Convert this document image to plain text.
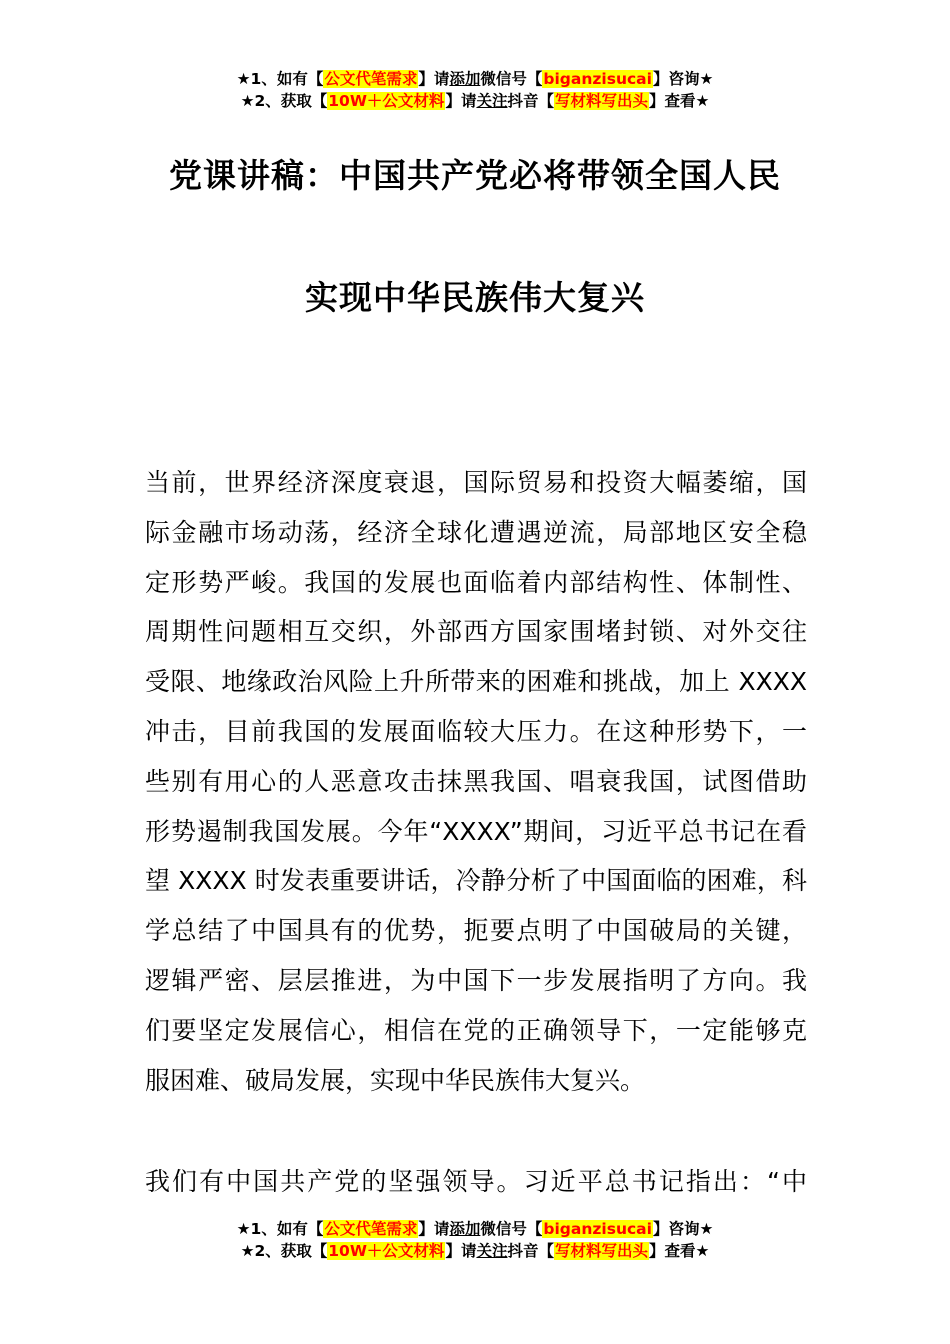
★1、如有【公文代笔需求】请添加微信号【biganzisucai】咨询★
★2、获取【10W＋公文材料】请关注抖音【写材料写出头】查看★
党课讲稿：中国共产党必将带领全国人民
实现中华民族伟大复兴
当前，世界经济深度衰退，国际贸易和投资大幅萎缩，国
际金融市场动荡，经济全球化遭遇逆流，局部地区安全稳
定形势严峻。我国的发展也面临着内部结构性、体制性、
周期性问题相互交织，外部西方国家围堵封锁、对外交往
受限、地缘政治风险上升所带来的困难和挑战，加上 XXXX
冲击，目前我国的发展面临较大压力。在这种形势下，一
些别有用心的人恶意攻击抹黑我国、唱衰我国，试图借助
形势遏制我国发展。今年“XXXX”期间，习近平总书记在看
望 XXXX 时发表重要讲话，冷静分析了中国面临的困难，科
学总结了中国具有的优势，扼要点明了中国破局的关键，
逻辑严密、层层推进，为中国下一步发展指明了方向。我
们要坚定发展信心，相信在党的正确领导下，一定能够克
服困难、破局发展，实现中华民族伟大复兴。
我们有中国共产党的坚强领导。习近平总书记指出：“中
★1、如有【公文代笔需求】请添加微信号【biganzisucai】咨询★
★2、获取【10W＋公文材料】请关注抖音【写材料写出头】查看★
